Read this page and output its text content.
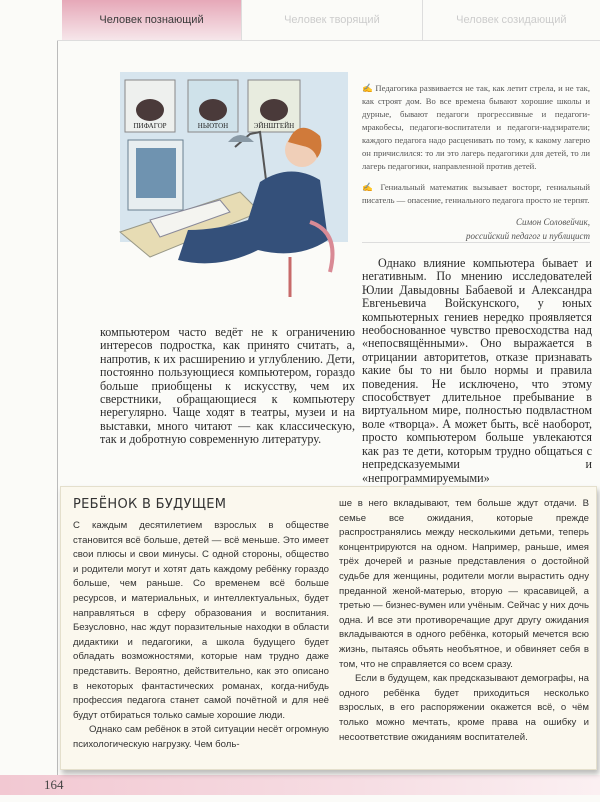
Человек познающий	Человек творящий	Человек созидающий
ПИФАГОР	НЬЮТОН	ЭЙНШТЕЙН

✍ Педагогика развивается не так, как летит стрела, и не так, как строят дом. Во все времена бывают хорошие школы и дурные, бывают педагоги прогрессивные и педагоги-мракобесы, педагоги-воспитатели и педагоги-надзиратели; каждого педагога надо расценивать по тому, к какому лагерю он причислился: то ли это лагерь педагогики для детей, то ли лагерь педагогики, направленной против детей.

✍ Гениальный математик вызывает восторг, гениальный писатель — опасение, гениального педагога просто не терпят.

Симон Соловейчик,
российский педагог и публицист

компьютером часто ведёт не к ограничению интересов подростка, как принято считать, а, напротив, к их расширению и углублению. Дети, постоянно пользующиеся компьютером, гораздо больше приобщены к искусству, чем их сверстники, обращающиеся к компьютеру нерегулярно. Чаще ходят в театры, музеи и на выставки, много читают — как классическую, так и добротную современную литературу.

Однако влияние компьютера бывает и негативным. По мнению исследователей Юлии Давыдовны Бабаевой и Александра Евгеньевича Войскунского, у юных компьютерных гениев нередко проявляется необоснованное чувство превосходства над «непосвящёнными». Оно выражается в отрицании авторитетов, отказе признавать какие бы то ни было нормы и правила поведения. Не исключено, что этому способствует длительное пребывание в виртуальном мире, полностью подвластном воле «творца». А может быть, всё наоборот, просто компьютером больше увлекаются как раз те дети, которым трудно общаться с непредсказуемыми и «непрограммируемыми»

РЕБЁНОК В БУДУЩЕМ

С каждым десятилетием взрослых в обществе становится всё больше, детей — всё меньше. Это имеет свои плюсы и свои минусы. С одной стороны, общество и родители могут и хотят дать каждому ребёнку гораздо больше, чем раньше. Со временем всё больше ресурсов, и материальных, и интеллектуальных, будет направляться в сферу образования и воспитания. Безусловно, нас ждут поразительные находки в области дидактики и педагогики, а школа будущего будет обладать возможностями, которые нам трудно даже представить. Вероятно, действительно, как это описано в некоторых фантастических романах, когда-нибудь профессия педагога станет самой почётной и для неё будут отбираться только самые хорошие люди.

Однако сам ребёнок в этой ситуации несёт огромную психологическую нагрузку. Чем боль-

ше в него вкладывают, тем больше ждут отдачи. В семье все ожидания, которые прежде распространялись между несколькими детьми, теперь концентрируются на одном. Например, раньше, имея трёх дочерей и разные представления о достойной судьбе для женщины, родители могли вырастить одну преданной женой-матерью, вторую — красавицей, а третью — бизнес-вумен или учёным. Сейчас у них дочь одна. И все эти противоречащие друг другу ожидания вкладываются в одного ребёнка, который мечется всю жизнь, пытаясь объять необъятное, и обвиняет себя в том, что не справляется со всем сразу.

Если в будущем, как предсказывают демографы, на одного ребёнка будет приходиться несколько взрослых, в его распоряжении окажется всё, о чём только можно мечтать, кроме права на ошибку и несоответствие ожиданиям воспитателей.

164
